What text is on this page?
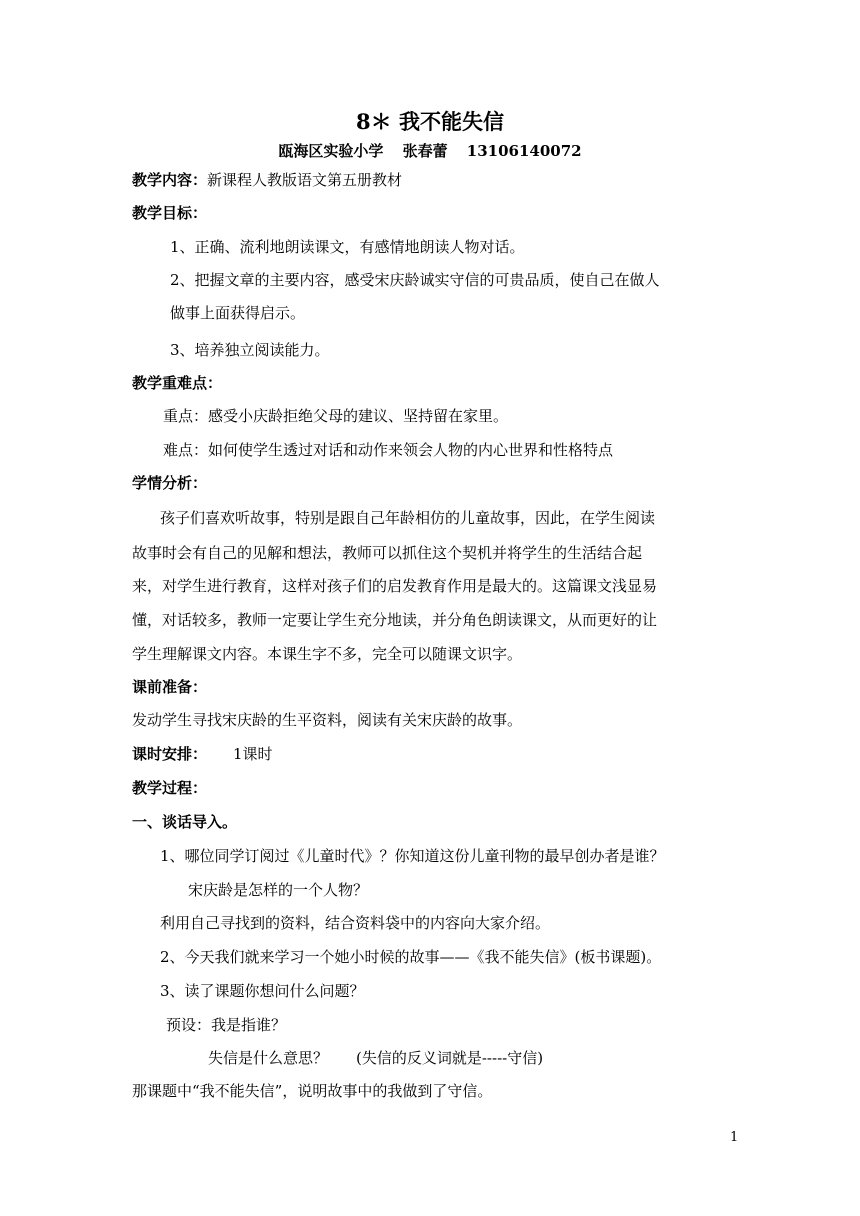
8＊ 我不能失信
瓯海区实验小学 张春蕾 13106140072
教学内容：新课程人教版语文第五册教材
教学目标：
1、正确、流利地朗读课文，有感情地朗读人物对话。
2、把握文章的主要内容，感受宋庆龄诚实守信的可贵品质，使自己在做人
做事上面获得启示。
3、培养独立阅读能力。
教学重难点：
重点：感受小庆龄拒绝父母的建议、坚持留在家里。
难点：如何使学生透过对话和动作来领会人物的内心世界和性格特点
学情分析：
孩子们喜欢听故事，特别是跟自己年龄相仿的儿童故事，因此，在学生阅读
故事时会有自己的见解和想法，教师可以抓住这个契机并将学生的生活结合起
来，对学生进行教育，这样对孩子们的启发教育作用是最大的。这篇课文浅显易
懂，对话较多，教师一定要让学生充分地读，并分角色朗读课文，从而更好的让
学生理解课文内容。本课生字不多，完全可以随课文识字。
课前准备：
发动学生寻找宋庆龄的生平资料，阅读有关宋庆龄的故事。
课时安排： 1课时
教学过程：
一、谈话导入。
1、哪位同学订阅过《儿童时代》？你知道这份儿童刊物的最早创办者是谁？
宋庆龄是怎样的一个人物？
利用自己寻找到的资料，结合资料袋中的内容向大家介绍。
2、今天我们就来学习一个她小时候的故事——《我不能失信》(板书课题)。
3、读了课题你想问什么问题？
预设：我是指谁？
失信是什么意思？ (失信的反义词就是-----守信)
那课题中“我不能失信”，说明故事中的我做到了守信。
1
